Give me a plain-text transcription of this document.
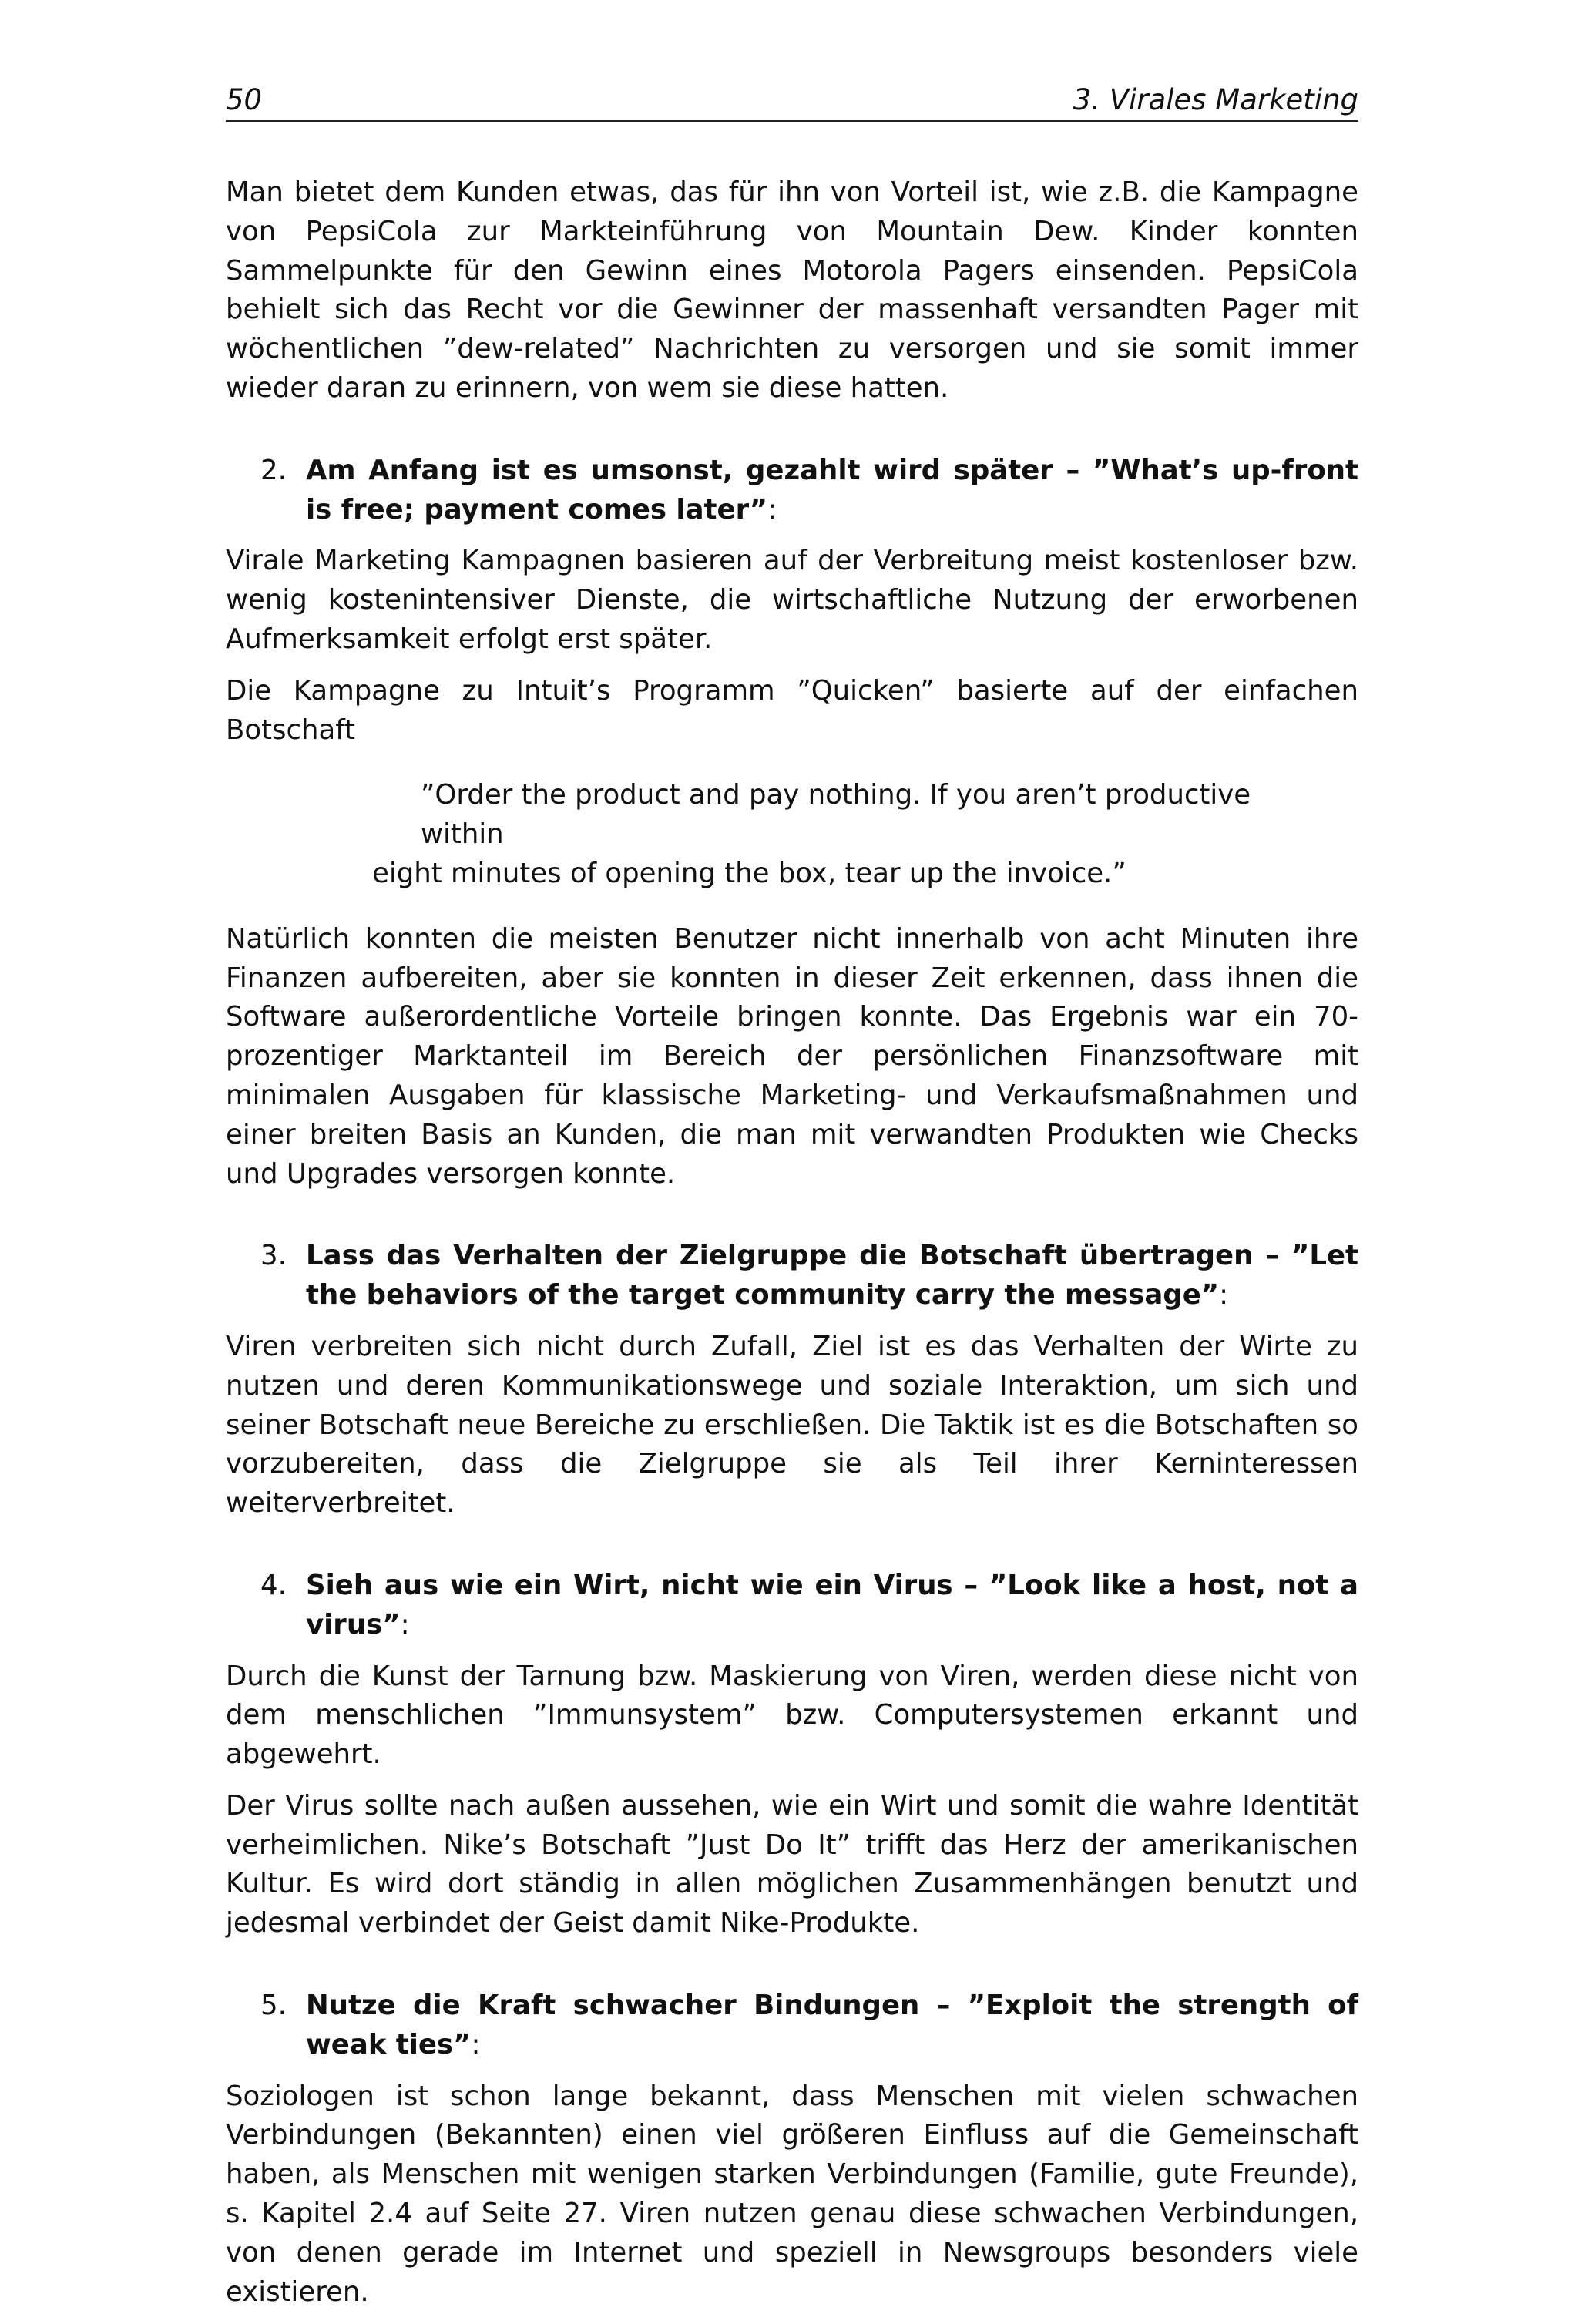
50	3. Virales Marketing

Man bietet dem Kunden etwas, das für ihn von Vorteil ist, wie z.B. die Kampagne von PepsiCola zur Markteinführung von Mountain Dew. Kinder konnten Sammelpunkte für den Gewinn eines Motorola Pagers einsenden. PepsiCola behielt sich das Recht vor die Gewinner der massenhaft versandten Pager mit wöchentlichen ”dew-related” Nachrichten zu versorgen und sie somit immer wieder daran zu erinnern, von wem sie diese hatten.

2. Am Anfang ist es umsonst, gezahlt wird später – ”What’s up-front is free; payment comes later”:

Virale Marketing Kampagnen basieren auf der Verbreitung meist kostenloser bzw. wenig kostenintensiver Dienste, die wirtschaftliche Nutzung der erworbenen Aufmerksamkeit erfolgt erst später.

Die Kampagne zu Intuit’s Programm ”Quicken” basierte auf der einfachen Botschaft

”Order the product and pay nothing. If you aren’t productive within
eight minutes of opening the box, tear up the invoice.”

Natürlich konnten die meisten Benutzer nicht innerhalb von acht Minuten ihre Finanzen aufbereiten, aber sie konnten in dieser Zeit erkennen, dass ihnen die Software außerordentliche Vorteile bringen konnte. Das Ergebnis war ein 70-prozentiger Marktanteil im Bereich der persönlichen Finanzsoftware mit minimalen Ausgaben für klassische Marketing- und Verkaufsmaßnahmen und einer breiten Basis an Kunden, die man mit verwandten Produkten wie Checks und Upgrades versorgen konnte.

3. Lass das Verhalten der Zielgruppe die Botschaft übertragen – ”Let the behaviors of the target community carry the message”:

Viren verbreiten sich nicht durch Zufall, Ziel ist es das Verhalten der Wirte zu nutzen und deren Kommunikationswege und soziale Interaktion, um sich und seiner Botschaft neue Bereiche zu erschließen. Die Taktik ist es die Botschaften so vorzubereiten, dass die Zielgruppe sie als Teil ihrer Kerninteressen weiterverbreitet.

4. Sieh aus wie ein Wirt, nicht wie ein Virus – ”Look like a host, not a virus”:

Durch die Kunst der Tarnung bzw. Maskierung von Viren, werden diese nicht von dem menschlichen ”Immunsystem” bzw. Computersystemen erkannt und abgewehrt.

Der Virus sollte nach außen aussehen, wie ein Wirt und somit die wahre Identität verheimlichen. Nike’s Botschaft ”Just Do It” trifft das Herz der amerikanischen Kultur. Es wird dort ständig in allen möglichen Zusammenhängen benutzt und jedesmal verbindet der Geist damit Nike-Produkte.

5. Nutze die Kraft schwacher Bindungen – ”Exploit the strength of weak ties”:

Soziologen ist schon lange bekannt, dass Menschen mit vielen schwachen Verbindungen (Bekannten) einen viel größeren Einfluss auf die Gemeinschaft haben, als Menschen mit wenigen starken Verbindungen (Familie, gute Freunde), s. Kapitel 2.4 auf Seite 27. Viren nutzen genau diese schwachen Verbindungen, von denen gerade im Internet und speziell in Newsgroups besonders viele existieren.
